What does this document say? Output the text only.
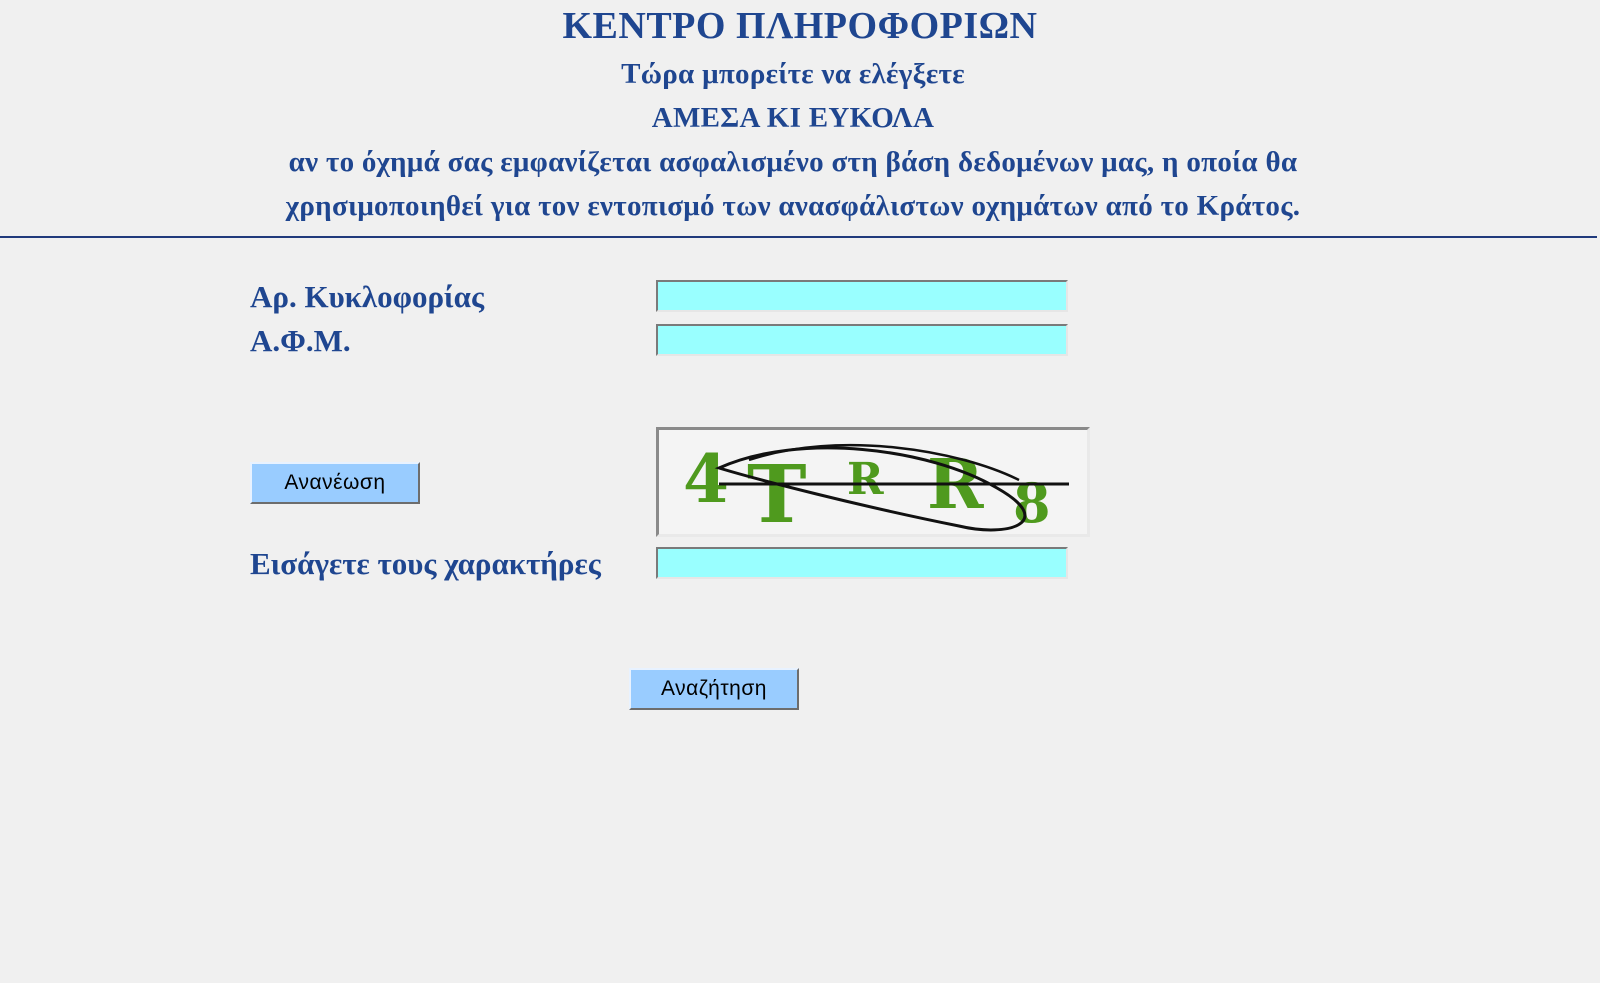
ΚΕΝΤΡΟ ΠΛΗΡΟΦΟΡΙΩΝ
Τώρα μπορείτε να ελέγξετε
ΑΜΕΣΑ ΚΙ ΕΥΚΟΛΑ
αν το όχημά σας εμφανίζεται ασφαλισμένο στη βάση δεδομένων μας, η οποία θα
χρησιμοποιηθεί για τον εντοπισμό των ανασφάλιστων οχημάτων από το Κράτος.
Αρ. Κυκλοφορίας
Α.Φ.Μ.
Ανανέωση	4 T R R 8
Εισάγετε τους χαρακτήρες
Αναζήτηση
